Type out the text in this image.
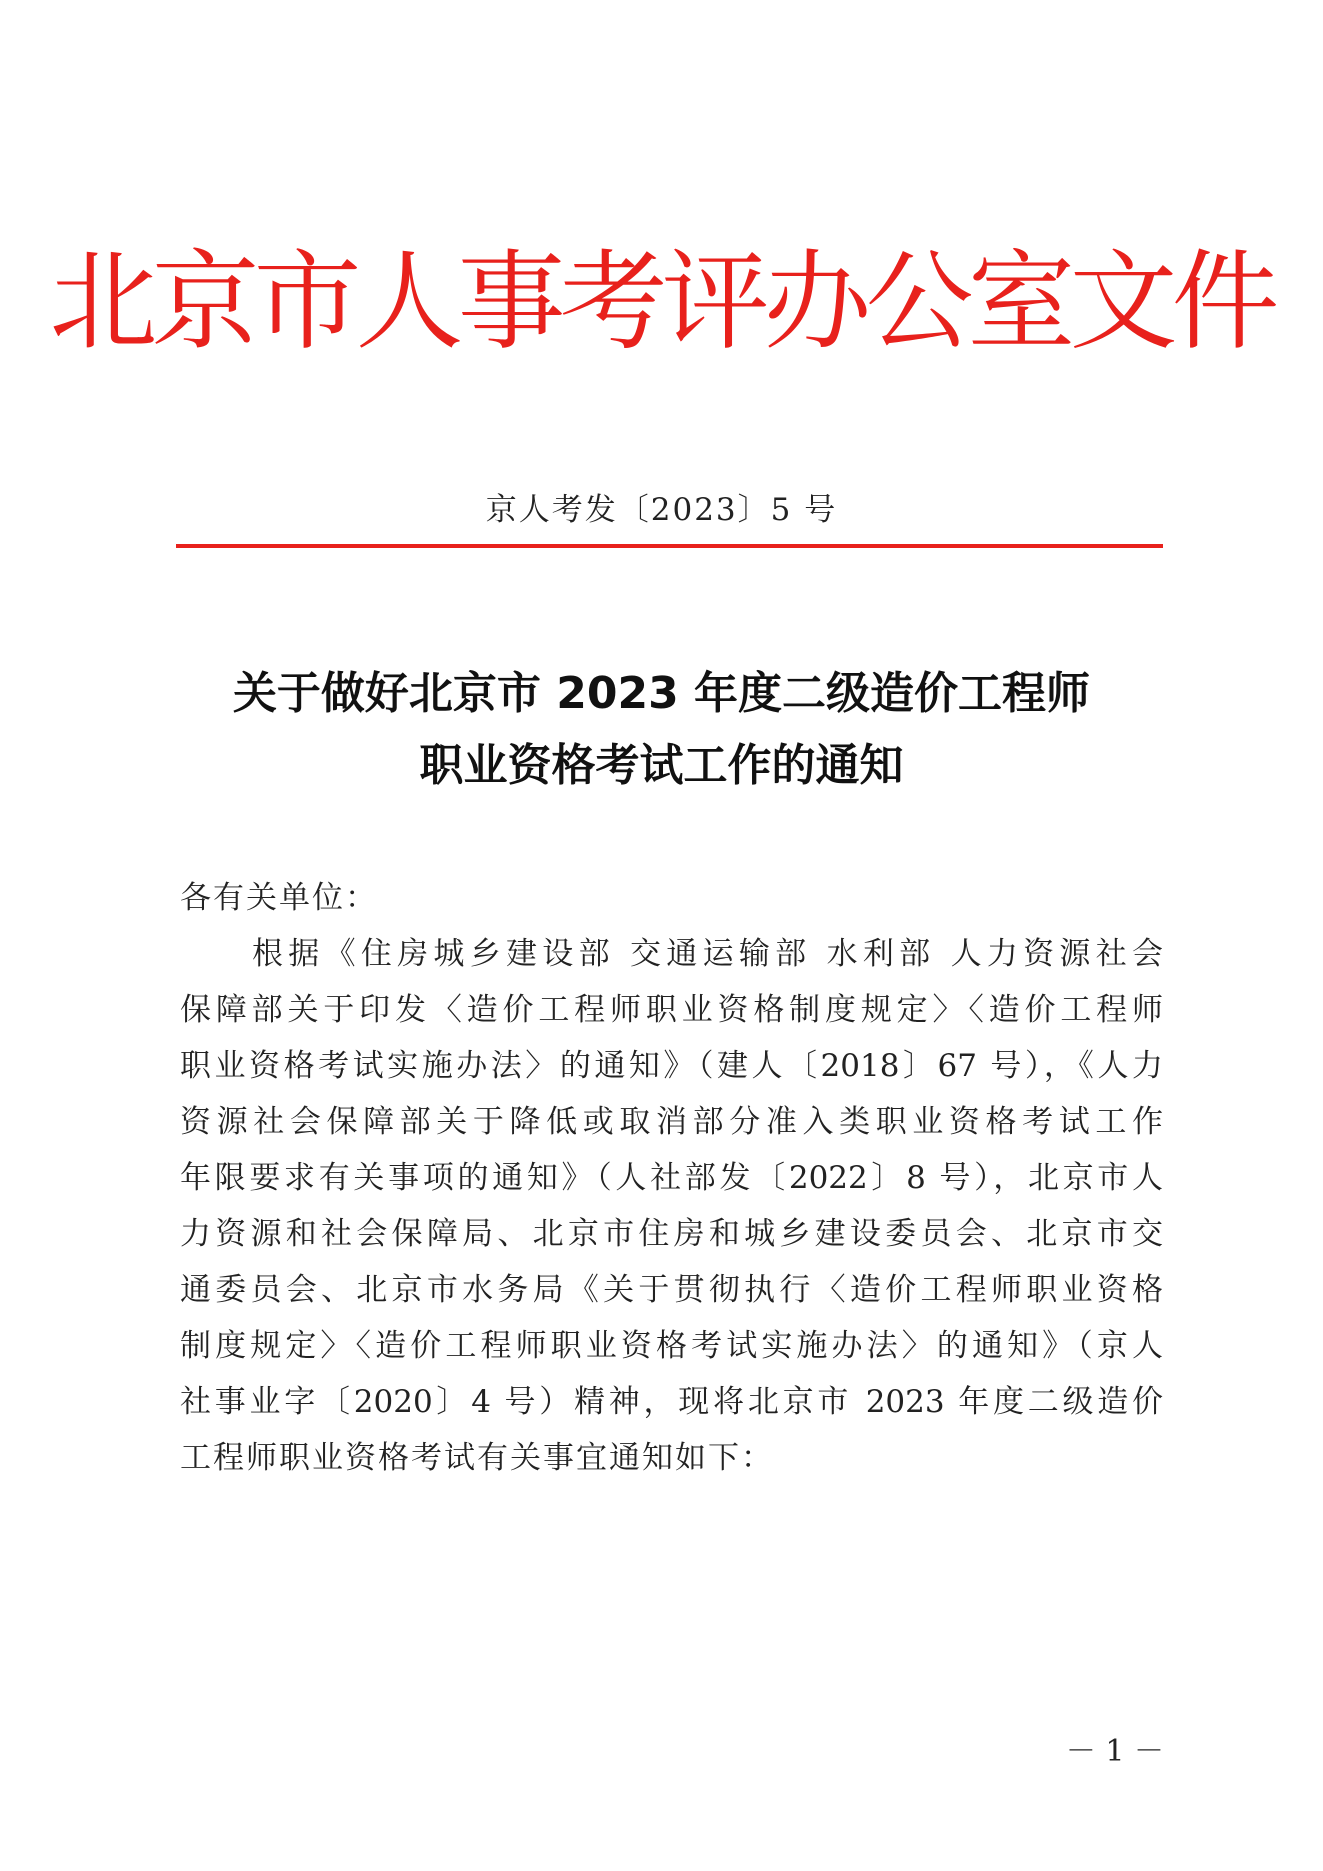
北京市人事考评办公室文件
京人考发〔2023〕5 号
关于做好北京市 2023 年度二级造价工程师
职业资格考试工作的通知
各有关单位：
根据《住房城乡建设部 交通运输部 水利部 人力资源社会
保障部关于印发〈造价工程师职业资格制度规定〉〈造价工程师
职业资格考试实施办法〉的通知》（建人〔2018〕67 号），《人力
资源社会保障部关于降低或取消部分准入类职业资格考试工作
年限要求有关事项的通知》（人社部发〔2022〕8 号），北京市人
力资源和社会保障局、北京市住房和城乡建设委员会、北京市交
通委员会、北京市水务局《关于贯彻执行〈造价工程师职业资格
制度规定〉〈造价工程师职业资格考试实施办法〉的通知》（京人
社事业字〔2020〕4 号）精神，现将北京市 2023 年度二级造价
工程师职业资格考试有关事宜通知如下：
－ 1 －
